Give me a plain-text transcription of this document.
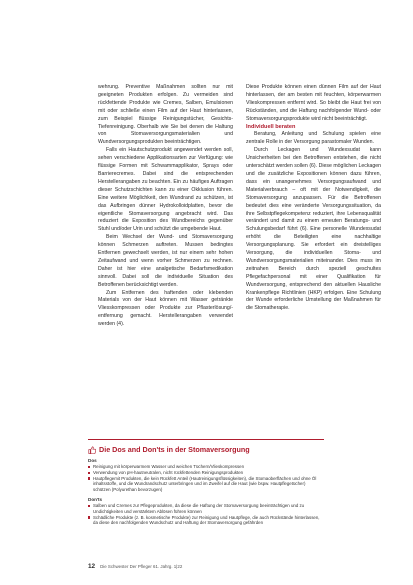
wehrung. Preventive Maßnahmen sollten nur mit geeigneten Produkten erfolgen. Zu vermeiden sind rückfettende Produkte wie Cremes, Salben, Emulsionen mit oder schließe einen Film auf der Haut hinterlassen, zum Beispiel flüssige Reinigungstücher, Gesichts-Tiefenreinigung. Oberhalb wie Sie bei denen die Haltung von Stomaversorgungsmaterialien und Wundversorgungsprodukten beeinträchtigen.

Falls ein Hautschutzprodukt angewendet werden soll, sehen verschiedene Applikationsarten zur Verfügung: wie flüssige Formen mit Schwammapplikator, Sprays oder Barrierecremes. Dabei sind die entsprechenden Herstellerangaben zu beachten. Ein zu häufiges Auftragen dieser Schutzschichten kann zu einer Okklusion führen. Eine weitere Möglichkeit, den Wundrand zu schützen, ist das Aufbringen dünner Hydrokolloidplatten, bevor die eigentliche Stomaversorgung angebracht wird. Das reduziert die Exposition des Wundbereichs gegenüber Stuhl und/oder Urin und schützt die umgebende Haut.

Beim Wechsel der Wund- und Stomaversorgung können Schmerzen auftreten. Mussen bedingtes Entfernen gewechselt werden, ist nur einem sehr hohen Zeitaufwand und wenn vorher Schmerzen zu rechnen. Daher ist hier eine analgetische Bedarfsmedikation sinnvoll. Dabei soll die individuelle Situation des Betroffenen berücksichtigt werden.

Zum Entfernen des haftenden oder klebenden Materials von der Haut können mit Wasser getränkte Vliesskompressen oder Produkte zur Pflasterlösung/-entfernung gemacht. Herstellerangaben verwendet werden (4).

Diese Produkte können einen dünnen Film auf der Haut hinterlassen, der am besten mit feuchten, körperwarmen Vlieskompressen entfernt wird. So bleibt die Haut frei von Rückständen, und die Haftung nachfolgender Wund- oder Stomaversorgungsprodukte wird nicht beeinträchtigt.

Individuell beraten

Beratung, Anleitung und Schulung spielen eine zentrale Rolle in der Versorgung parastomaler Wunden.

Durch Leckagen und Wundexsudat kann Unsicherheiten bei den Betroffenen entstehen, die nicht unterschätzt werden sollen (6). Diese möglichen Leckagen und die zusätzliche Expositionen können dazu führen, dass ein unangenehmes Versorgungsaufwand und Materialverbrauch – oft mit der Notwendigkeit, die Stomaversorgung anzupassen. Für die Betroffenen bedeutet dies eine veränderte Versorgungssituation, da ihre Selbstpflegekompetenz reduziert, ihre Lebensqualität verändert und damit zu einem erneuten Beratungs- und Schulungsbedarf führt (6). Eine personelle Wundexsudat erhöht die Beteiligten eine nachhaltige Versorgungsplanung. Sie erfordert ein dreistelliges Versorgung, die individuellen Stoma- und Wundversorgungsmaterialien miteinander. Dies muss im zeitnahen Bereich durch speziell geschultes Pflegefachpersonal mit einer Qualifikation für Wundversorgung, entsprechend den aktuellen Hausliche Krankenpflege Richtlinien (HKP) erfolgen. Eine Schulung der Wunde erforderliche Umstellung der Maßnahmen für die Stomatherapie.

Die Dos and Don'ts in der Stomaversorgung
Dos
Reinigung mit körperwarmem Wasser und weichen Tüchern/Vlieskompressen
Verwendung von pH-hautneutralen, nicht rückfettenden Reinigungsprodukten
Hautpflegemit Produkten, die kein Rückfett Anteil (Hautreinigungsflüssigkeiten), die Stomaoberflächen und ohne Öl inhaltsstoffe, und die Wundrandschutz unterbringen und im Zweifel auf die Haut (wie bspw. Hautpflegetücher) schützen (Polyurethan bevorzugen)
Don'ts
Salben und Cremes zur Pflegeprodukten, da diese die Haftung der Stomaversorgung beeinträchtigen und zu Undichtigkeiten und verstärktem Ablösen führen können
Schädliche Produkte (z. B. kosmetische Produkte) zur Reinigung und Hautpflege, die auch Rückstände hinterlassen, da diese den nachfolgenden Wundschutz und Haftung der Stomaversorgung gefährden
12 Die Schwester Der Pfleger 61. Jahrg. 1|22
